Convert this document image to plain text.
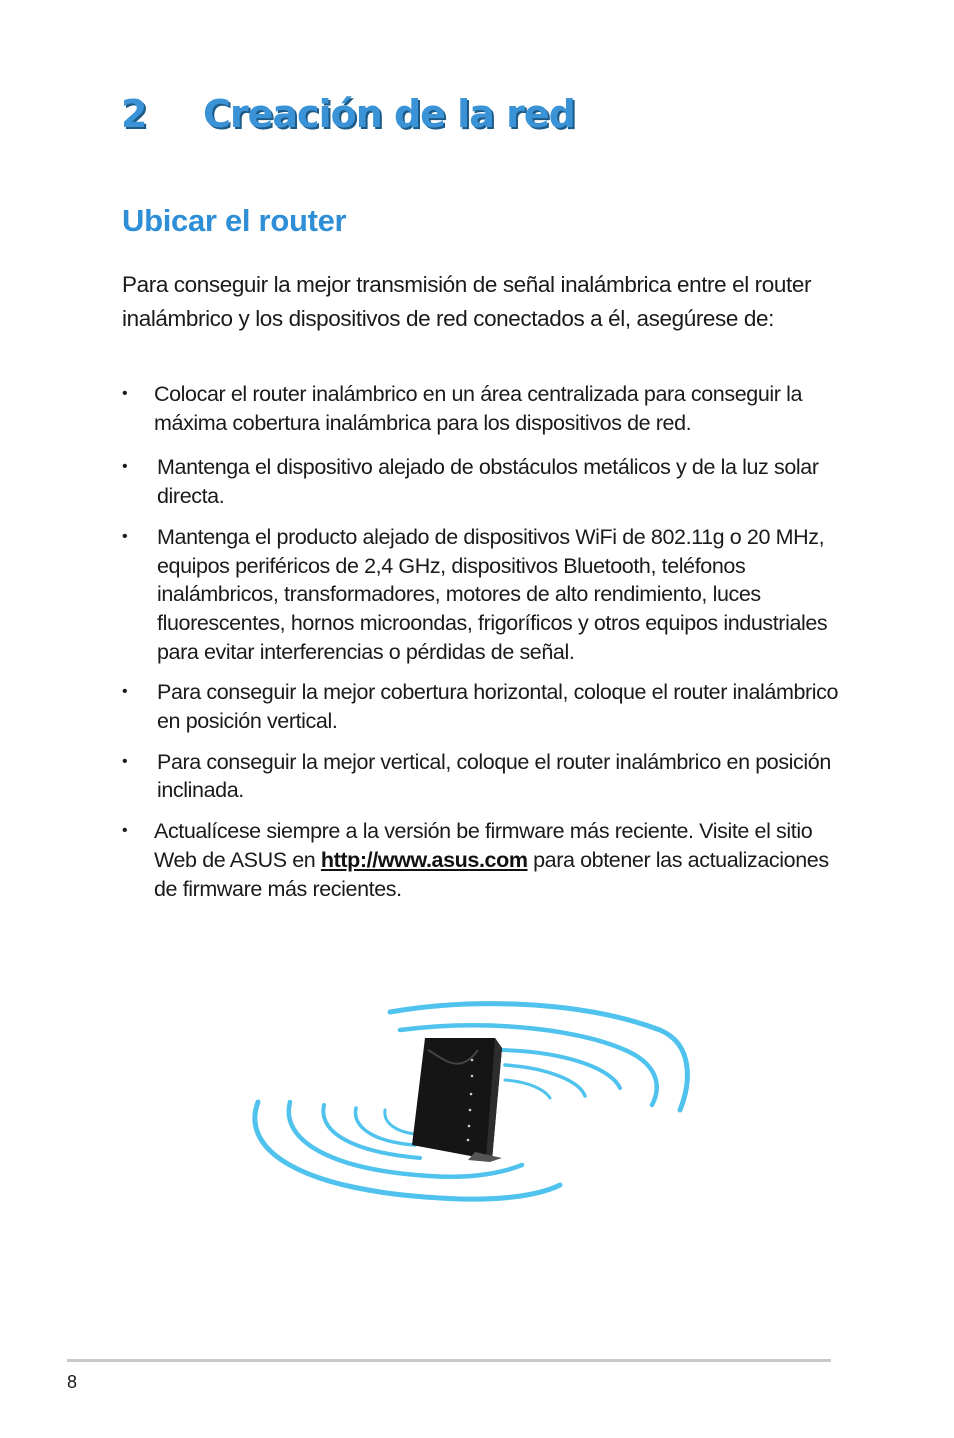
2 Creación de la red
Ubicar el router

Para conseguir la mejor transmisión de señal inalámbrica entre el router inalámbrico y los dispositivos de red conectados a él, asegúrese de:

• Colocar el router inalámbrico en un área centralizada para conseguir la máxima cobertura inalámbrica para los dispositivos de red.
• Mantenga el dispositivo alejado de obstáculos metálicos y de la luz solar directa.
• Mantenga el producto alejado de dispositivos WiFi de 802.11g o 20 MHz, equipos periféricos de 2,4 GHz, dispositivos Bluetooth, teléfonos inalámbricos, transformadores, motores de alto rendimiento, luces fluorescentes, hornos microondas, frigoríficos y otros equipos industriales para evitar interferencias o pérdidas de señal.
• Para conseguir la mejor cobertura horizontal, coloque el router inalámbrico en posición vertical.
• Para conseguir la mejor vertical, coloque el router inalámbrico en posición inclinada.
• Actualícese siempre a la versión be firmware más reciente. Visite el sitio Web de ASUS en http://www.asus.com para obtener las actualizaciones de firmware más recientes.
8
